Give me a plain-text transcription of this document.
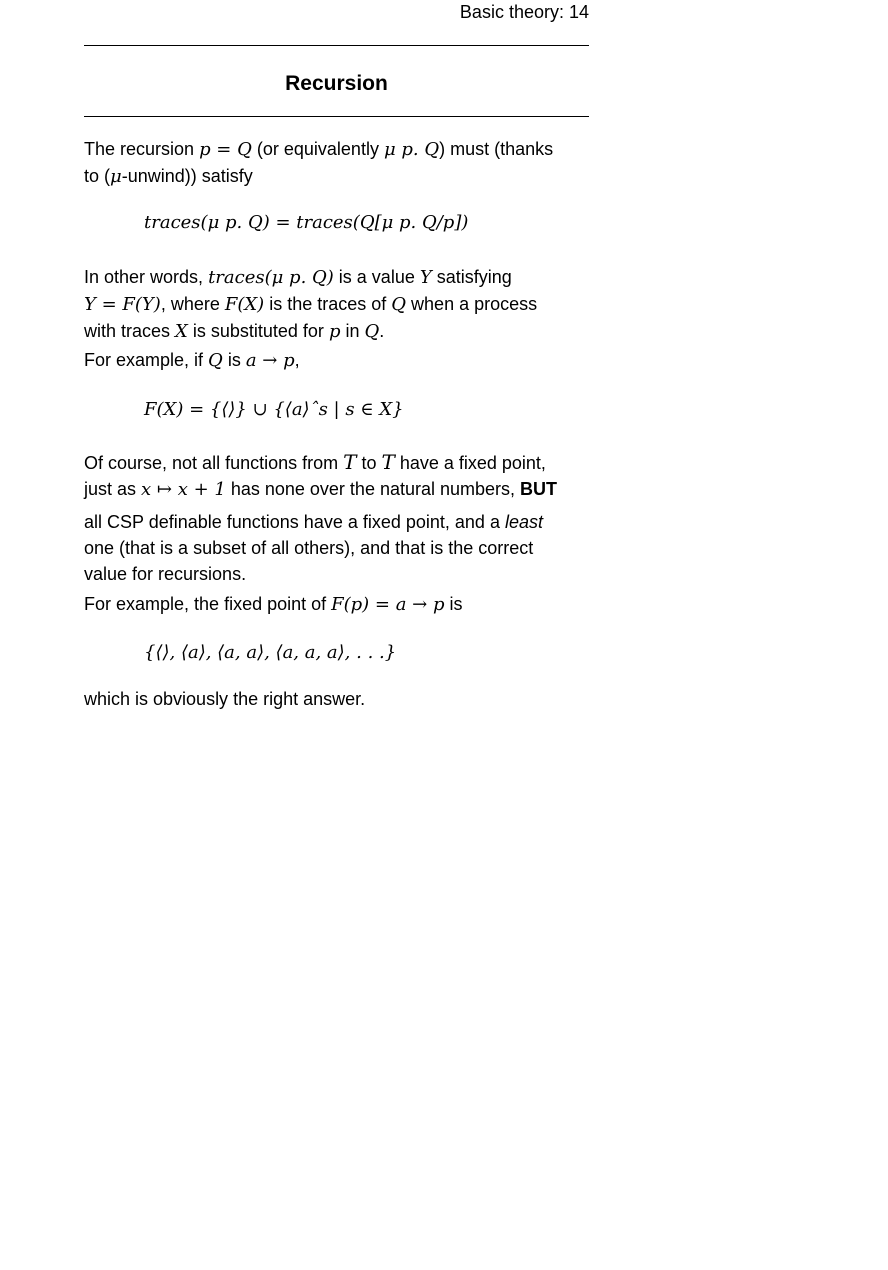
Basic theory: 14
Recursion
The recursion p = Q (or equivalently μ p. Q) must (thanks
to (μ-unwind)) satisfy
traces(μ p. Q) = traces(Q[μ p. Q/p])
In other words, traces(μ p. Q) is a value Y satisfying
Y = F(Y), where F(X) is the traces of Q when a process
with traces X is substituted for p in Q.
For example, if Q is a → p,
F(X) = {⟨⟩} ∪ {⟨a⟩ˆs | s ∈ X}
Of course, not all functions from T to T have a fixed point,
just as x ↦ x + 1 has none over the natural numbers, BUT
all CSP definable functions have a fixed point, and a least
one (that is a subset of all others), and that is the correct
value for recursions.
For example, the fixed point of F(p) = a → p is
{⟨⟩, ⟨a⟩, ⟨a, a⟩, ⟨a, a, a⟩, . . .}
which is obviously the right answer.
